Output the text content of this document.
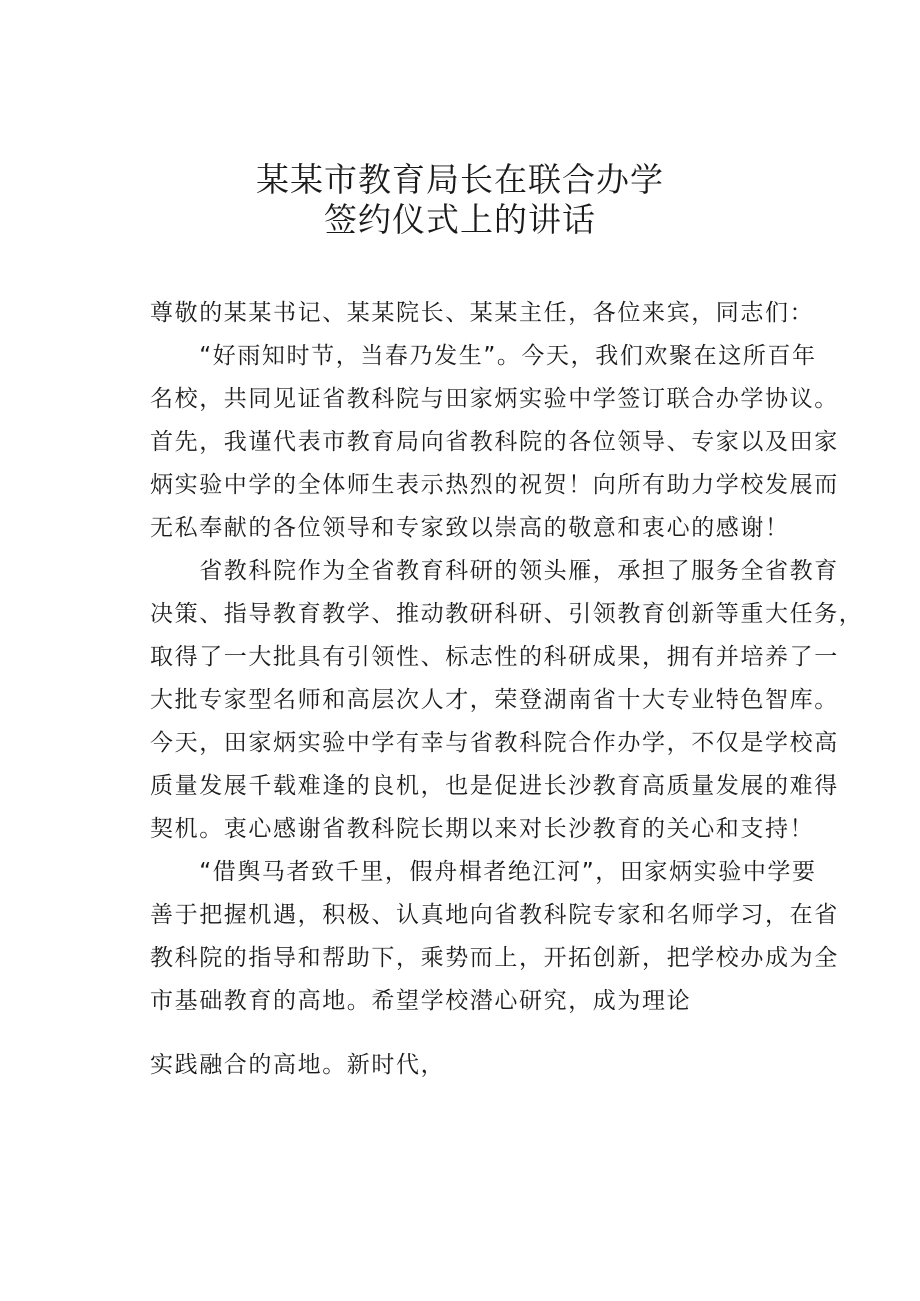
某某市教育局长在联合办学
签约仪式上的讲话
尊敬的某某书记、某某院长、某某主任，各位来宾，同志们：
　　“好雨知时节，当春乃发生”。今天，我们欢聚在这所百年
名校，共同见证省教科院与田家炳实验中学签订联合办学协议。
首先，我谨代表市教育局向省教科院的各位领导、专家以及田家
炳实验中学的全体师生表示热烈的祝贺！向所有助力学校发展而
无私奉献的各位领导和专家致以崇高的敬意和衷心的感谢！
　　省教科院作为全省教育科研的领头雁，承担了服务全省教育
决策、指导教育教学、推动教研科研、引领教育创新等重大任务，
取得了一大批具有引领性、标志性的科研成果，拥有并培养了一
大批专家型名师和高层次人才，荣登湖南省十大专业特色智库。
今天，田家炳实验中学有幸与省教科院合作办学，不仅是学校高
质量发展千载难逢的良机，也是促进长沙教育高质量发展的难得
契机。衷心感谢省教科院长期以来对长沙教育的关心和支持！
　　“借舆马者致千里，假舟楫者绝江河”，田家炳实验中学要
善于把握机遇，积极、认真地向省教科院专家和名师学习，在省
教科院的指导和帮助下，乘势而上，开拓创新，把学校办成为全
市基础教育的高地。希望学校潜心研究，成为理论
实践融合的高地。新时代，
